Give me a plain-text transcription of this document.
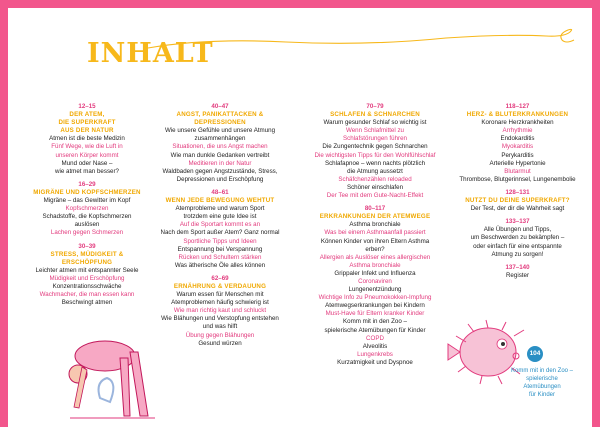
INHALT
12–15
DER ATEM,
DIE SUPERKRAFT
AUS DER NATUR
Atmen ist die beste Medizin
Fünf Wege, wie die Luft in
unseren Körper kommt
Mund oder Nase –
wie atmet man besser?
16–29
MIGRÄNE UND KOPFSCHMERZEN
Migräne – das Gewitter im Kopf
Kopfschmerzen
Schadstoffe, die Kopfschmerzen
auslösen
Lachen gegen Schmerzen
30–39
STRESS, MÜDIGKEIT &
ERSCHÖPFUNG
Leichter atmen mit entspannter Seele
Müdigkeit und Erschöpfung
Konzentrationsschwäche
Wachmacher, die man essen kann
Beschwingt atmen
40–47
ANGST, PANIKATTACKEN &
DEPRESSIONEN
Wie unsere Gefühle und unsere Atmung
zusammenhängen
Situationen, die uns Angst machen
Wie man dunkle Gedanken vertreibt
Meditieren in der Natur
Waldbaden gegen Angstzustände, Stress,
Depressionen und Erschöpfung
48–61
WENN JEDE BEWEGUNG WEHTUT
Atemprobleme und warum Sport
trotzdem eine gute Idee ist
Auf die Sportart kommt es an
Nach dem Sport außer Atem? Ganz normal
Sportliche Tipps und Ideen
Entspannung bei Verspannung
Rücken und Schultern stärken
Was ätherische Öle alles können
62–69
ERNÄHRUNG & VERDAUUNG
Warum essen für Menschen mit
Atemproblemen häufig schwierig ist
Wie man richtig kaut und schluckt
Wie Blähungen und Verstopfung entstehen
und was hilft
Übung gegen Blähungen
Gesund würzen
70–79
SCHLAFEN & SCHNARCHEN
Warum gesunder Schlaf so wichtig ist
Wenn Schlafmittel zu
Schlafstörungen führen
Die Zungentechnik gegen Schnarchen
Die wichtigsten Tipps für den Wohlfühlschlaf
Schlafapnoe – wenn nachts plötzlich
die Atmung aussetzt
Schäfchenzählen reloaded
Schöner einschlafen
Der Tee mit dem Gute-Nacht-Effekt
80–117
ERKRANKUNGEN DER ATEMWEGE
Asthma bronchiale
Was bei einem Asthmaanfall passiert
Können Kinder von ihren Eltern Asthma
erben?
Allergien als Auslöser eines allergischen
Asthma bronchiale
Grippaler Infekt und Influenza
Coronaviren
Lungenentzündung
Wichtige Info zu Pneumokokken-Impfung
Atemwegserkrankungen bei Kindern
Must-Have für Eltern kranker Kinder
Komm mit in den Zoo –
spielerische Atemübungen für Kinder
COPD
Alveolitis
Lungenkrebs
Kurzatmigkeit und Dyspnoe
118–127
HERZ- & BLUTERKRANKUNGEN
Koronare Herzkrankheiten
Arrhythmie
Endokarditis
Myokarditis
Perykarditis
Arterielle Hypertonie
Blutarmut
Thrombose, Blutgerinnsel, Lungenembolie
128–131
NUTZT DU DEINE SUPERKRAFT?
Der Test, der dir die Wahrheit sagt
133–137
Alle Übungen und Tipps,
um Beschwerden zu bekämpfen –
oder einfach für eine entspannte
Atmung zu sorgen!
137–140
Register
104
Komm mit in den Zoo –
spielerische Atemübungen
für Kinder
